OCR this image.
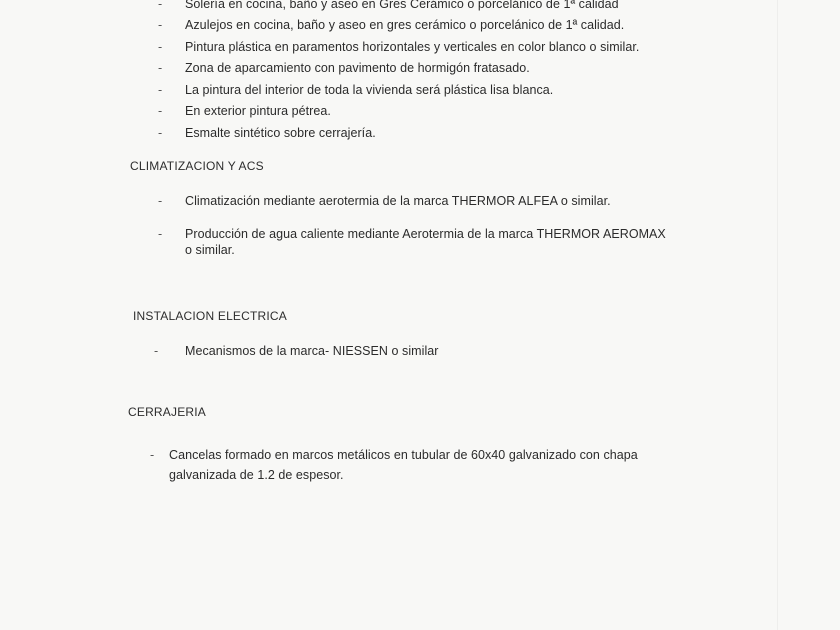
- Solería en cocina, baño y aseo en Gres Cerámico o porcelánico de 1ª calidad
- Azulejos en cocina, baño y aseo en gres cerámico o porcelánico de 1ª calidad.
- Pintura plástica en paramentos horizontales y verticales en color blanco o similar.
- Zona de aparcamiento con pavimento de hormigón fratasado.
- La pintura del interior de toda la vivienda será plástica lisa blanca.
- En exterior pintura pétrea.
- Esmalte sintético sobre cerrajería.
CLIMATIZACION Y ACS
- Climatización mediante aerotermia de la marca THERMOR ALFEA o similar.
- Producción de agua caliente mediante Aerotermia de la marca THERMOR AEROMAX
o similar.
INSTALACION ELECTRICA
- Mecanismos de la marca- NIESSEN o similar
CERRAJERIA
- Cancelas formado en marcos metálicos en tubular de 60x40 galvanizado con chapa
galvanizada de 1.2 de espesor.
